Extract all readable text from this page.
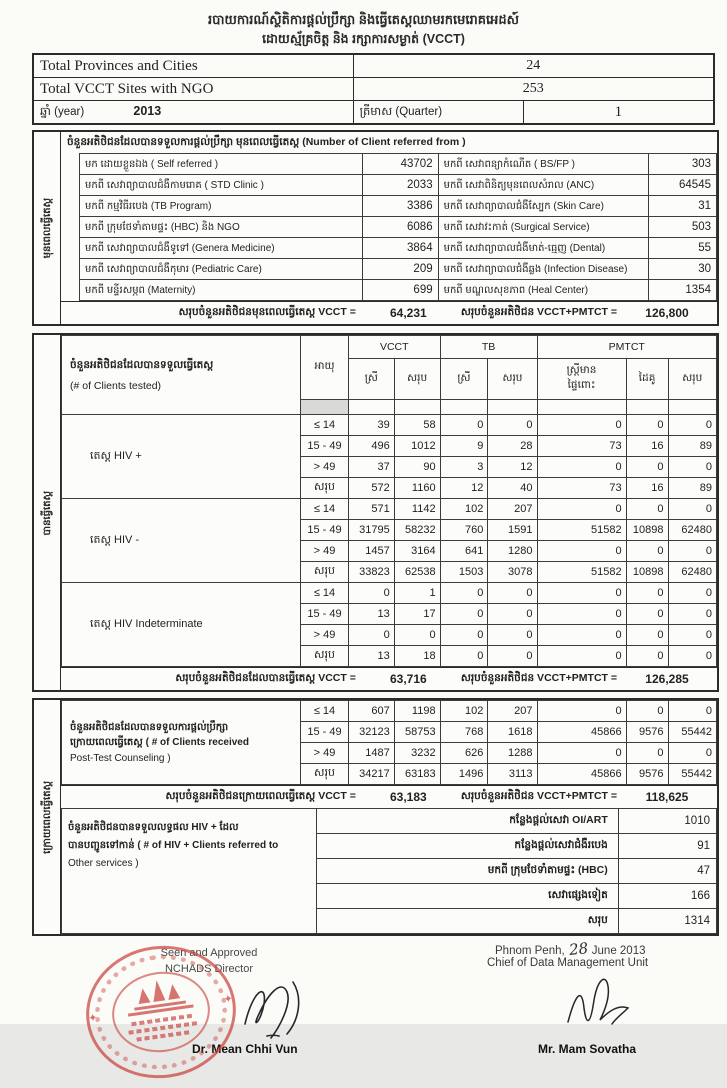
របាយការណ៍ស្ថិតិការផ្តល់ប្រឹក្សា និងធ្វើតេស្តឈាមរកមេរោគអេដស៍
ដោយស្ម័គ្រចិត្ត និង រក្សាការសម្ងាត់ (VCCT)
Total Provinces and Cities	24	
Total VCCT Sites with NGO	253	
ឆ្នាំ (year) 2013	ត្រីមាស (Quarter)	1
មុនពេលធ្វើតេស្ត
ចំនួនអតិថិជនដែលបានទទួលការផ្តល់ប្រឹក្សា មុនពេលធ្វើតេស្ត (Number of Client referred from )
មក ដោយខ្លួនឯង ( Self referred )	43702	មកពី សេវាពន្យាកំណើត ( BS/FP )	303
មកពី សេវាព្យាបាលជំងឺកាមរោគ ( STD Clinic )	2033	មកពី សេវាពិនិត្យមុនពេលសំរាល (ANC)	64545
មកពី កម្មវិធីរបេង (TB Program)	3386	មកពី សេវាព្យាបាលជំងឺស្បែក (Skin Care)	31
មកពី ក្រុមថែទាំតាមផ្ទះ (HBC) និង NGO	6086	មកពី សេវាវះកាត់ (Surgical Service)	503
មកពី សេវាព្យាបាលជំងឺទូទៅ (Genera Medicine)	3864	មកពី សេវាព្យាបាលជំងឺមាត់-ធ្មេញ (Dental)	55
មកពី សេវាព្យាបាលជំងឺកុមារ (Pediatric Care)	209	មកពី សេវាព្យាបាលជំងឺឆ្លង (Infection Disease)	30
មកពី មន្ទីរសម្ភព (Maternity)	699	មកពី មណ្ឌលសុខភាព (Heal Center)	1354
សរុបចំនួនអតិថិជនមុនពេលធ្វើតេស្ត VCCT =	64,231	សរុបចំនួនអតិថិជន VCCT+PMTCT =	126,800
បានធ្វើតេស្ត
ចំនួនអតិថិជនដែលបានទទួលធ្វើតេស្ត
(# of Clients tested)	អាយុ	VCCT		TB		PMTCT		
		ស្រី	សរុប	ស្រី	សរុប	ស្ត្រីមាន
ផ្ទៃពោះ	ដៃគូ	សរុប

តេស្ត HIV +	≤ 14	39	58	0	0	0	0	0
	15 - 49	496	1012	9	28	73	16	89
	> 49	37	90	3	12	0	0	0
	សរុប	572	1160	12	40	73	16	89
តេស្ត HIV -	≤ 14	571	1142	102	207	0	0	0
	15 - 49	31795	58232	760	1591	51582	10898	62480
	> 49	1457	3164	641	1280	0	0	0
	សរុប	33823	62538	1503	3078	51582	10898	62480
តេស្ត HIV Indeterminate	≤ 14	0	1	0	0	0	0	0
	15 - 49	13	17	0	0	0	0	0
	> 49	0	0	0	0	0	0	0
	សរុប	13	18	0	0	0	0	0
សរុបចំនួនអតិថិជនដែលបានធ្វើតេស្ត VCCT =	63,716	សរុបចំនួនអតិថិជន VCCT+PMTCT =	126,285
ក្រោយពេលធ្វើតេស្ត
ចំនួនអតិថិជនដែលបានទទួលការផ្តល់ប្រឹក្សា
ក្រោយពេលធ្វើតេស្ត ( # of Clients received
Post-Test Counseling )	≤ 14	607	1198	102	207	0	0	0
	15 - 49	32123	58753	768	1618	45866	9576	55442
	> 49	1487	3232	626	1288	0	0	0
	សរុប	34217	63183	1496	3113	45866	9576	55442
សរុបចំនួនអតិថិជនក្រោយពេលធ្វើតេស្ត VCCT =	63,183	សរុបចំនួនអតិថិជន VCCT+PMTCT =	118,625
ចំនួនអតិថិជនបានទទួលលទ្ធផល HIV + ដែល
បានបញ្ជូនទៅកាន់ ( # of HIV + Clients referred to
Other services )	កន្លែងផ្តល់សេវា OI/ART	1010
	កន្លែងផ្តល់សេវាជំងឺរបេង	91
	មកពី ក្រុមថែទាំតាមផ្ទះ (HBC)	47
	សេវាផ្សេងទៀត	166
	សរុប	1314
✦
✦
Seen and Approved
NCHADS Director
Dr. Mean Chhi Vun
Phnom Penh, 28 June 2013
Chief of Data Management Unit
Mr. Mam Sovatha
